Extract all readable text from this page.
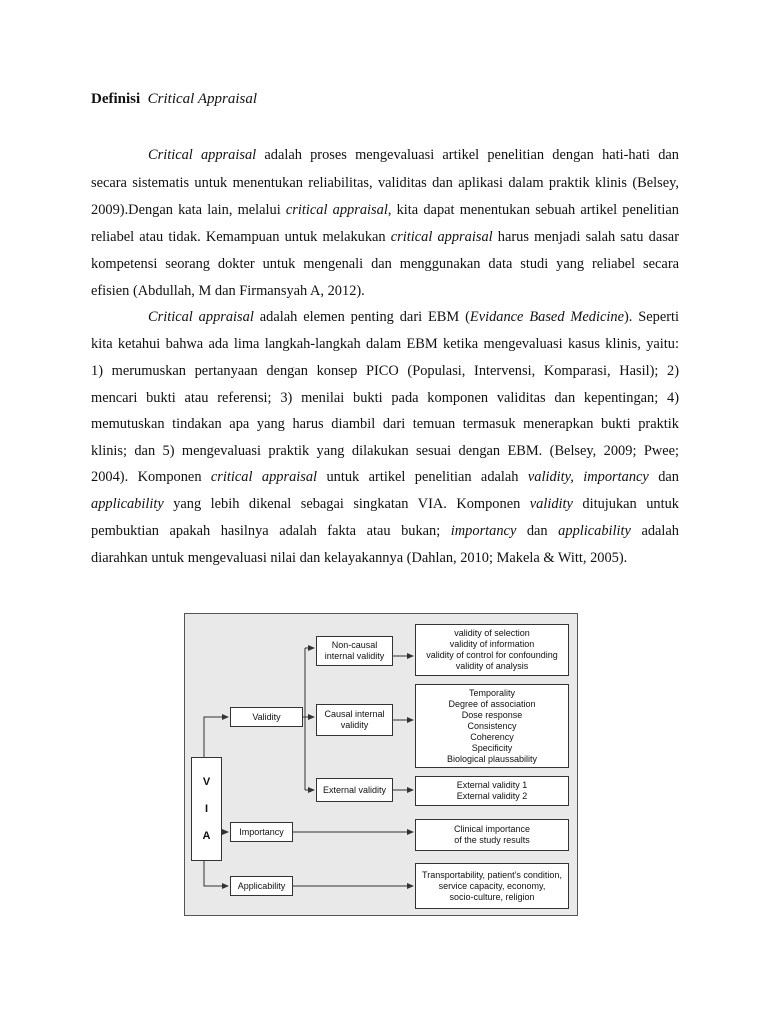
Definisi Critical Appraisal
Critical appraisal adalah proses mengevaluasi artikel penelitian dengan hati-hati dan
secara sistematis untuk menentukan reliabilitas, validitas dan aplikasi dalam praktik klinis (Belsey,
2009).Dengan kata lain, melalui critical appraisal, kita dapat menentukan sebuah artikel penelitian
reliabel atau tidak. Kemampuan untuk melakukan critical appraisal harus menjadi salah satu dasar
kompetensi seorang dokter untuk mengenali dan menggunakan data studi yang reliabel secara
efisien (Abdullah, M dan Firmansyah A, 2012).
Critical appraisal adalah elemen penting dari EBM (Evidance Based Medicine). Seperti
kita ketahui bahwa ada lima langkah-langkah dalam EBM ketika mengevaluasi kasus klinis, yaitu:
1) merumuskan pertanyaan dengan konsep PICO (Populasi, Intervensi, Komparasi, Hasil); 2)
mencari bukti atau referensi; 3) menilai bukti pada komponen validitas dan kepentingan; 4)
memutuskan tindakan apa yang harus diambil dari temuan termasuk menerapkan bukti praktik
klinis; dan 5) mengevaluasi praktik yang dilakukan sesuai dengan EBM. (Belsey, 2009; Pwee;
2004). Komponen critical appraisal untuk artikel penelitian adalah validity, importancy dan
applicability yang lebih dikenal sebagai singkatan VIA. Komponen validity ditujukan untuk
pembuktian apakah hasilnya adalah fakta atau bukan; importancy dan applicability adalah
diarahkan untuk mengevaluasi nilai dan kelayakannya (Dahlan, 2010; Makela & Witt, 2005).
V
I
A
Validity
Importancy
Applicability
Non-causal
internal validity
Causal internal
validity
External validity
validity of selection
validity of information
validity of control for confounding
validity of analysis
Temporality
Degree of association
Dose response
Consistency
Coherency
Specificity
Biological plaussability
External validity 1
External validity 2
Clinical importance
of the study results
Transportability, patient’s condition,
service capacity, economy,
socio-culture, religion
